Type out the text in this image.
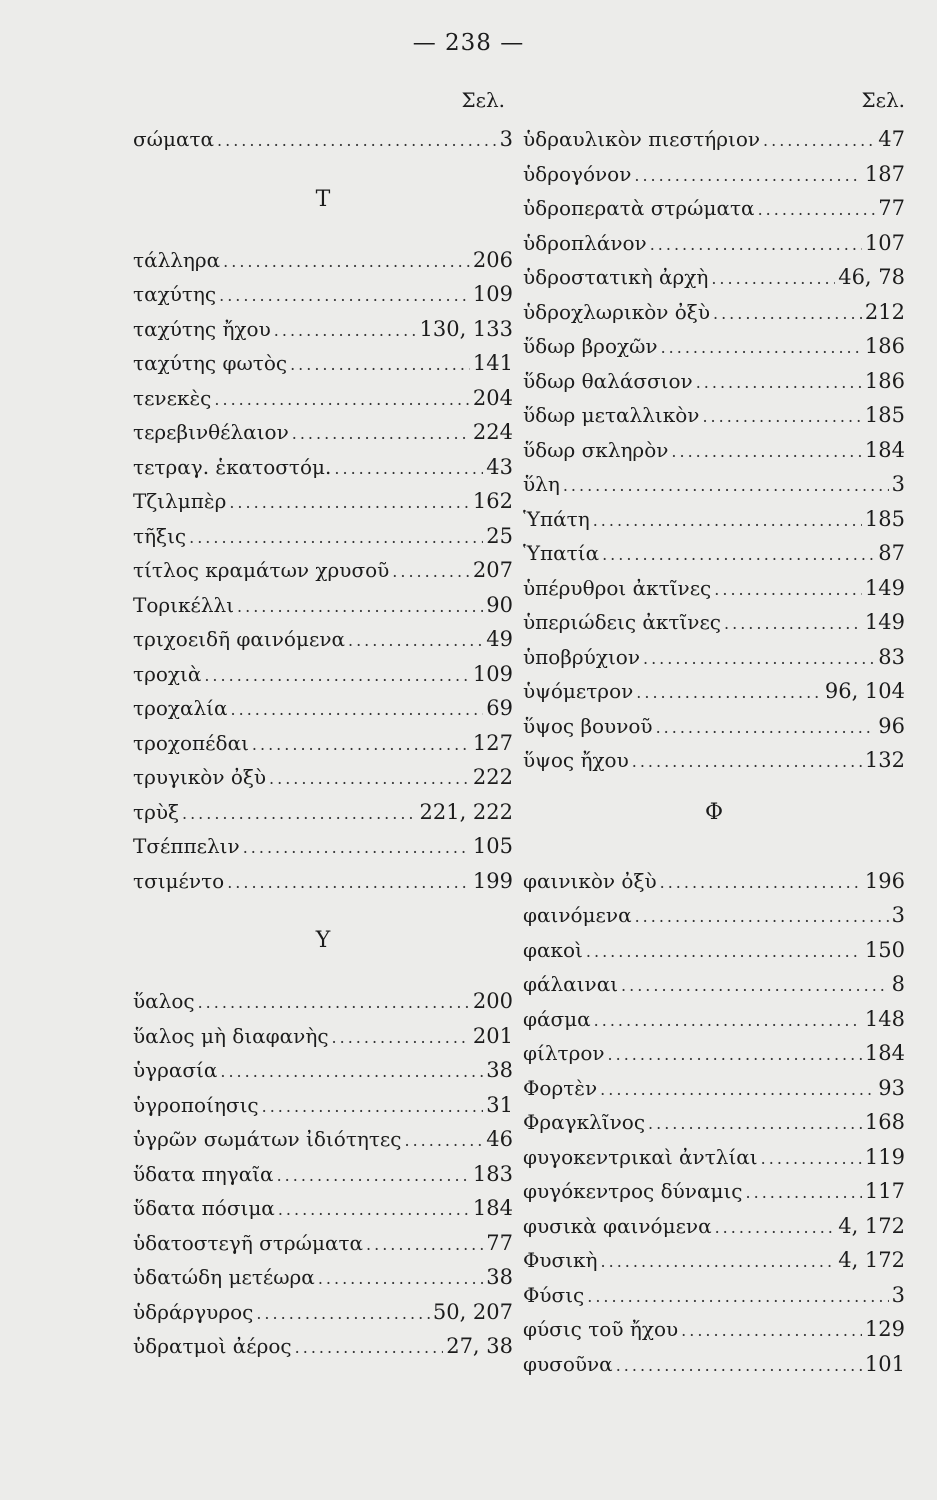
— 238 —
Σελ.
σώματα .....	3
Τ
τάλληρα .....	206
ταχύτης .....	109
ταχύτης ἤχου .....	130, 133
ταχύτης φωτὸς .....	141
τενεκὲς .....	204
τερεβινθέλαιον .....	224
τετραγ. ἑκατοστόμ. .....	43
Τζιλμπὲρ .....	162
τῆξις .....	25
τίτλος κραμάτων χρυσοῦ .....	207
Τορικέλλι .....	90
τριχοειδῆ φαινόμενα .....	49
τροχιὰ .....	109
τροχαλία .....	69
τροχοπέδαι .....	127
τρυγικὸν ὀξὺ .....	222
τρὺξ .....	221, 222
Τσέππελιν .....	105
τσιμέντο .....	199
Υ
ὕαλος .....	200
ὕαλος μὴ διαφανὴς .....	201
ὑγρασία .....	38
ὑγροποίησις .....	31
ὑγρῶν σωμάτων ἰδιότητες .....	46
ὕδατα πηγαῖα .....	183
ὕδατα πόσιμα .....	184
ὑδατοστεγῆ στρώματα .....	77
ὑδατώδη μετέωρα .....	38
ὑδράργυρος .....	50, 207
ὑδρατμοὶ ἀέρος .....	27, 38
Σελ.
ὑδραυλικὸν πιεστήριον .....	47
ὑδρογόνον .....	187
ὑδροπερατὰ στρώματα .....	77
ὑδροπλάνον .....	107
ὑδροστατικὴ ἀρχὴ .....	46, 78
ὑδροχλωρικὸν ὀξὺ .....	212
ὕδωρ βροχῶν .....	186
ὕδωρ θαλάσσιον .....	186
ὕδωρ μεταλλικὸν .....	185
ὕδωρ σκληρὸν .....	184
ὕλη .....	3
Ὑπάτη .....	185
Ὑπατία .....	87
ὑπέρυθροι ἀκτῖνες .....	149
ὑπεριώδεις ἀκτῖνες .....	149
ὑποβρύχιον .....	83
ὑψόμετρον .....	96, 104
ὕψος βουνοῦ .....	96
ὕψος ἤχου .....	132
Φ
φαινικὸν ὀξὺ .....	196
φαινόμενα .....	3
φακοὶ .....	150
φάλαιναι .....	8
φάσμα .....	148
φίλτρον .....	184
Φορτὲν .....	93
Φραγκλῖνος .....	168
φυγοκεντρικαὶ ἀντλίαι .....	119
φυγόκεντρος δύναμις .....	117
φυσικὰ φαινόμενα .....	4, 172
Φυσικὴ .....	4, 172
Φύσις .....	3
φύσις τοῦ ἤχου .....	129
φυσοῦνα .....	101
